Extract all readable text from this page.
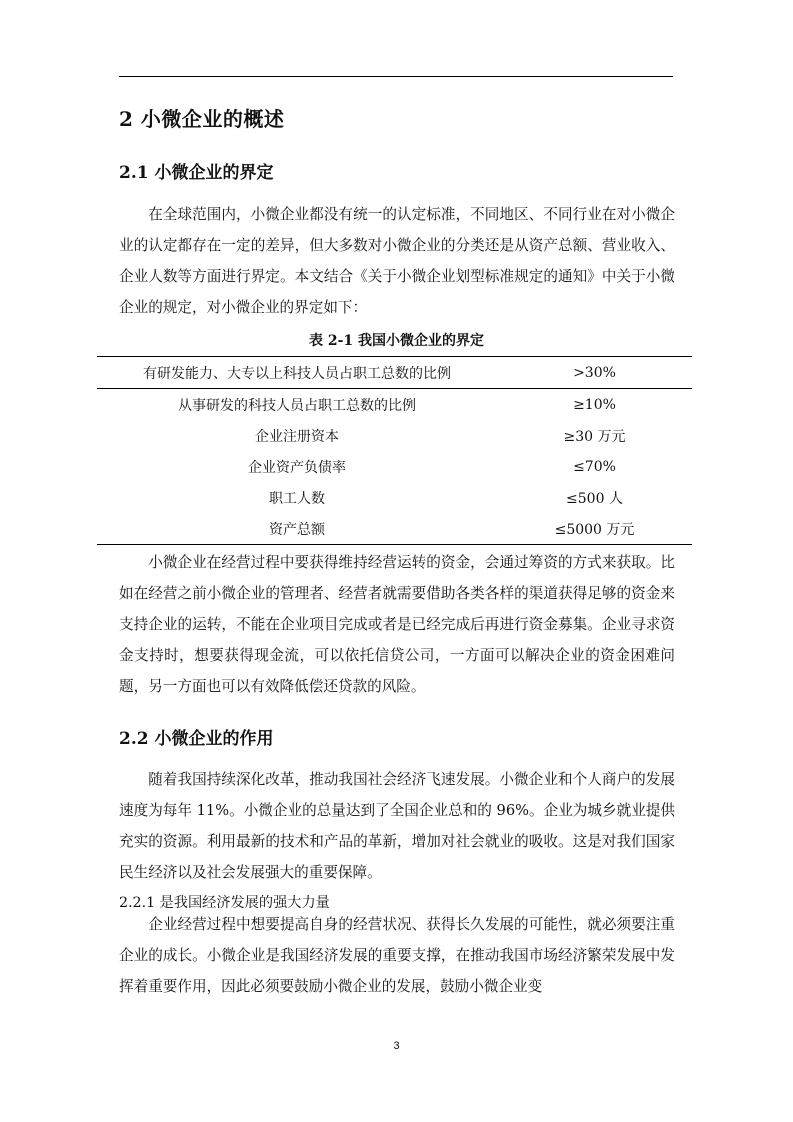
2 小微企业的概述
2.1 小微企业的界定

在全球范围内，小微企业都没有统一的认定标准，不同地区、不同行业在对小微企业的认定都存在一定的差异，但大多数对小微企业的分类还是从资产总额、营业收入、企业人数等方面进行界定。本文结合《关于小微企业划型标准规定的通知》中关于小微企业的规定，对小微企业的界定如下：

表 2-1 我国小微企业的界定
有研发能力、大专以上科技人员占职工总数的比例	>30%
从事研发的科技人员占职工总数的比例	≥10%
企业注册资本	≥30 万元
企业资产负债率	≤70%
职工人数	≤500 人
资产总额	≤5000 万元

小微企业在经营过程中要获得维持经营运转的资金，会通过筹资的方式来获取。比如在经营之前小微企业的管理者、经营者就需要借助各类各样的渠道获得足够的资金来支持企业的运转，不能在企业项目完成或者是已经完成后再进行资金募集。企业寻求资金支持时，想要获得现金流，可以依托信贷公司，一方面可以解决企业的资金困难问题，另一方面也可以有效降低偿还贷款的风险。

2.2 小微企业的作用

随着我国持续深化改革，推动我国社会经济飞速发展。小微企业和个人商户的发展速度为每年 11%。小微企业的总量达到了全国企业总和的 96%。企业为城乡就业提供充实的资源。利用最新的技术和产品的革新，增加对社会就业的吸收。这是对我们国家民生经济以及社会发展强大的重要保障。

2.2.1 是我国经济发展的强大力量

企业经营过程中想要提高自身的经营状况、获得长久发展的可能性，就必须要注重企业的成长。小微企业是我国经济发展的重要支撑，在推动我国市场经济繁荣发展中发挥着重要作用，因此必须要鼓励小微企业的发展，鼓励小微企业变

3
